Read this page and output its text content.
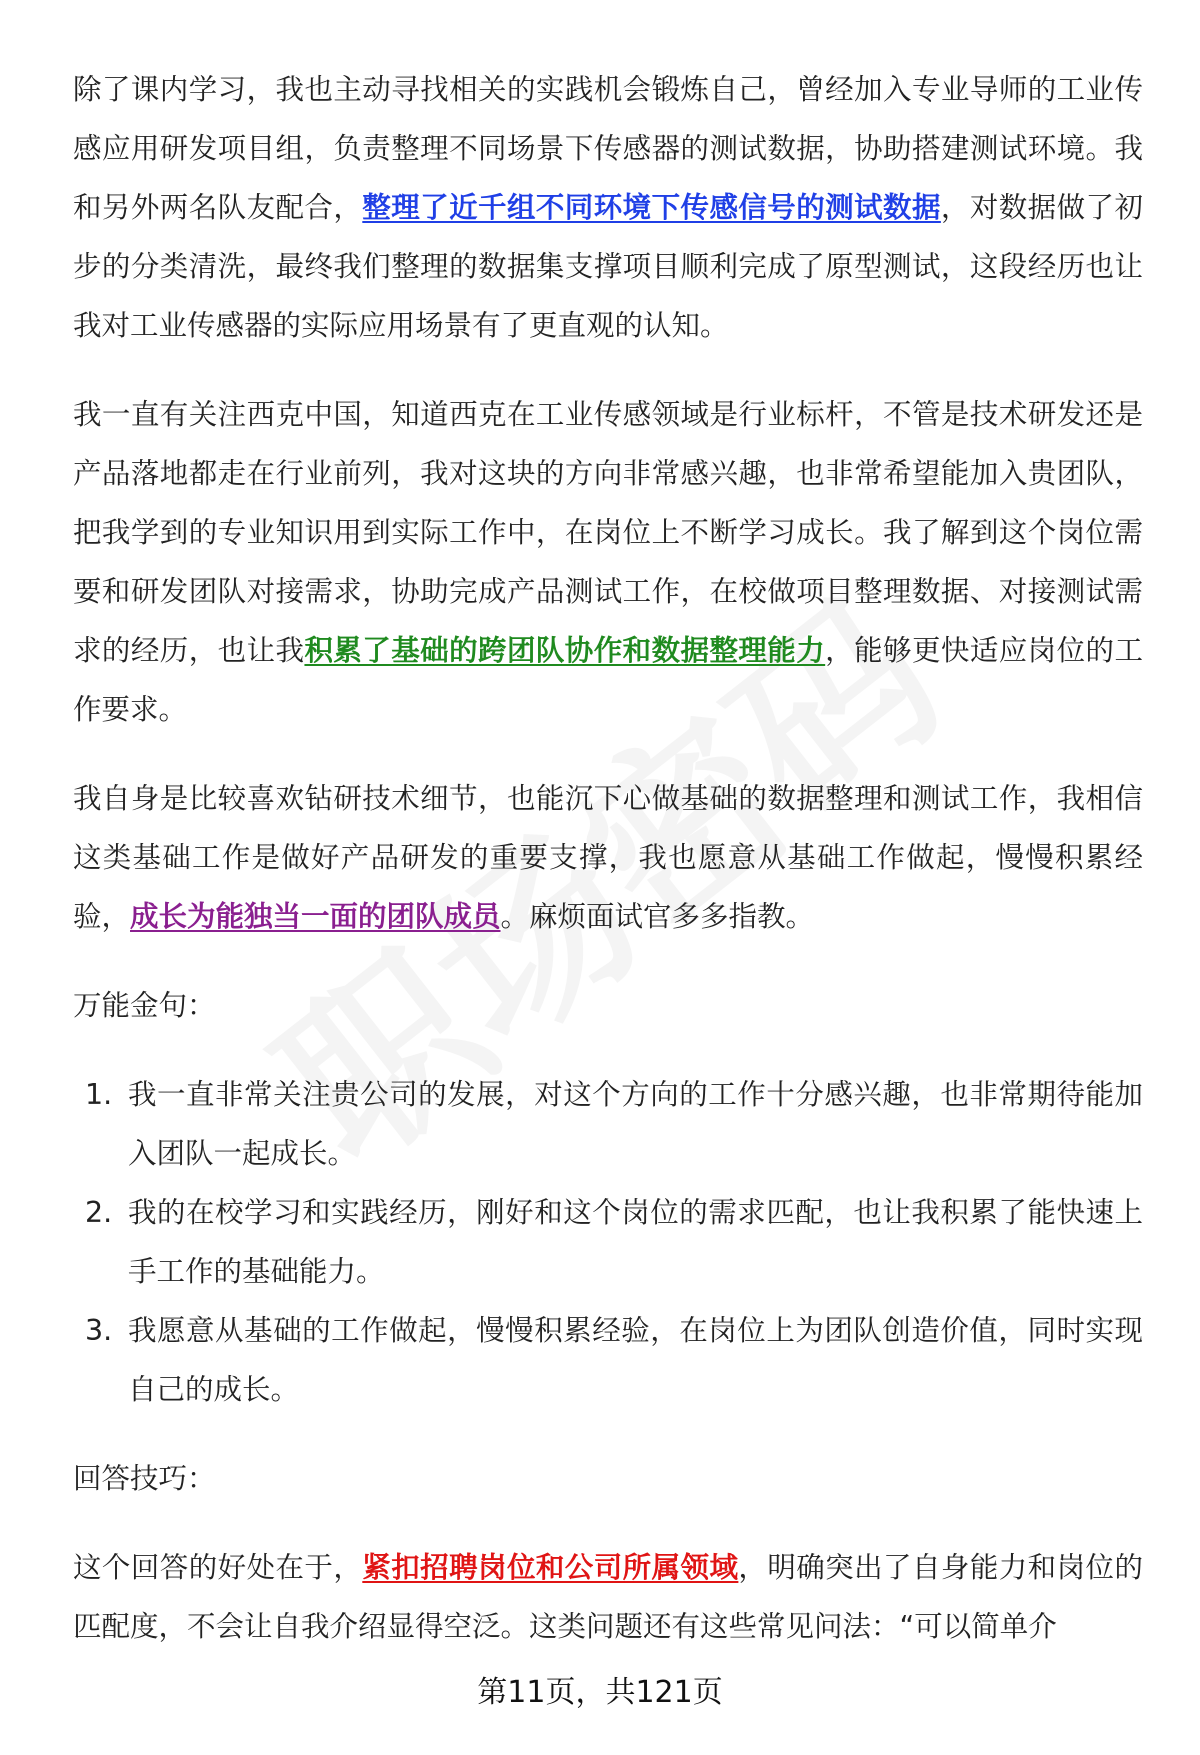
除了课内学习，我也主动寻找相关的实践机会锻炼自己，曾经加入专业导师的工业传感应用研发项目组，负责整理不同场景下传感器的测试数据，协助搭建测试环境。我和另外两名队友配合，整理了近千组不同环境下传感信号的测试数据，对数据做了初步的分类清洗，最终我们整理的数据集支撑项目顺利完成了原型测试，这段经历也让我对工业传感器的实际应用场景有了更直观的认知。

我一直有关注西克中国，知道西克在工业传感领域是行业标杆，不管是技术研发还是产品落地都走在行业前列，我对这块的方向非常感兴趣，也非常希望能加入贵团队，把我学到的专业知识用到实际工作中，在岗位上不断学习成长。我了解到这个岗位需要和研发团队对接需求，协助完成产品测试工作，在校做项目整理数据、对接测试需求的经历，也让我积累了基础的跨团队协作和数据整理能力，能够更快适应岗位的工作要求。

我自身是比较喜欢钻研技术细节，也能沉下心做基础的数据整理和测试工作，我相信这类基础工作是做好产品研发的重要支撑，我也愿意从基础工作做起，慢慢积累经验，成长为能独当一面的团队成员。麻烦面试官多多指教。

万能金句：

1. 我一直非常关注贵公司的发展，对这个方向的工作十分感兴趣，也非常期待能加入团队一起成长。
2. 我的在校学习和实践经历，刚好和这个岗位的需求匹配，也让我积累了能快速上手工作的基础能力。
3. 我愿意从基础的工作做起，慢慢积累经验，在岗位上为团队创造价值，同时实现自己的成长。

回答技巧：

这个回答的好处在于，紧扣招聘岗位和公司所属领域，明确突出了自身能力和岗位的匹配度，不会让自我介绍显得空泛。这类问题还有这些常见问法：“可以简单介

第11页，共121页
